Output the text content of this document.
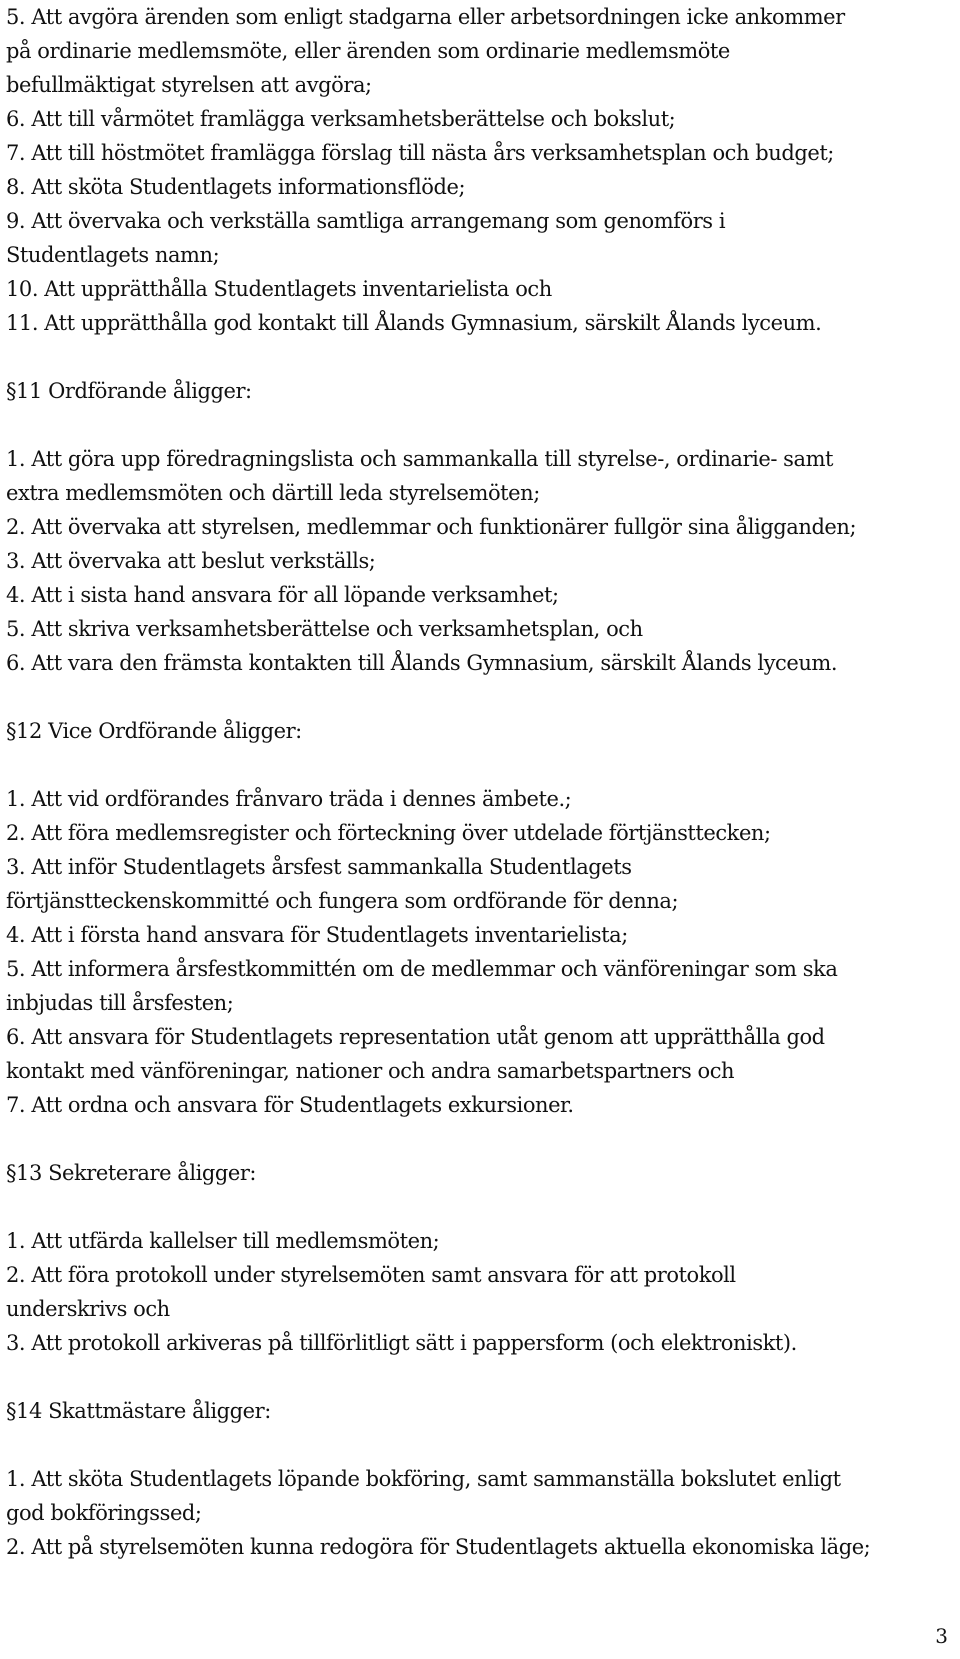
5. Att avgöra ärenden som enligt stadgarna eller arbetsordningen icke ankommer
på ordinarie medlemsmöte, eller ärenden som ordinarie medlemsmöte
befullmäktigat styrelsen att avgöra;
6. Att till vårmötet framlägga verksamhetsberättelse och bokslut;
7. Att till höstmötet framlägga förslag till nästa års verksamhetsplan och budget;
8. Att sköta Studentlagets informationsflöde;
9. Att övervaka och verkställa samtliga arrangemang som genomförs i
Studentlagets namn;
10. Att upprätthålla Studentlagets inventarielista och
11. Att upprätthålla god kontakt till Ålands Gymnasium, särskilt Ålands lyceum.
§11 Ordförande åligger:
1. Att göra upp föredragningslista och sammankalla till styrelse-, ordinarie- samt
extra medlemsmöten och därtill leda styrelsemöten;
2. Att övervaka att styrelsen, medlemmar och funktionärer fullgör sina åligganden;
3. Att övervaka att beslut verkställs;
4. Att i sista hand ansvara för all löpande verksamhet;
5. Att skriva verksamhetsberättelse och verksamhetsplan, och
6. Att vara den främsta kontakten till Ålands Gymnasium, särskilt Ålands lyceum.
§12 Vice Ordförande åligger:
1. Att vid ordförandes frånvaro träda i dennes ämbete.;
2. Att föra medlemsregister och förteckning över utdelade förtjänsttecken;
3. Att inför Studentlagets årsfest sammankalla Studentlagets
förtjänstteckenskommitté och fungera som ordförande för denna;
4. Att i första hand ansvara för Studentlagets inventarielista;
5. Att informera årsfestkommittén om de medlemmar och vänföreningar som ska
inbjudas till årsfesten;
6. Att ansvara för Studentlagets representation utåt genom att upprätthålla god
kontakt med vänföreningar, nationer och andra samarbetspartners och
7. Att ordna och ansvara för Studentlagets exkursioner.
§13 Sekreterare åligger:
1. Att utfärda kallelser till medlemsmöten;
2. Att föra protokoll under styrelsemöten samt ansvara för att protokoll
underskrivs och
3. Att protokoll arkiveras på tillförlitligt sätt i pappersform (och elektroniskt).
§14 Skattmästare åligger:
1. Att sköta Studentlagets löpande bokföring, samt sammanställa bokslutet enligt
god bokföringssed;
2. Att på styrelsemöten kunna redogöra för Studentlagets aktuella ekonomiska läge;
3
